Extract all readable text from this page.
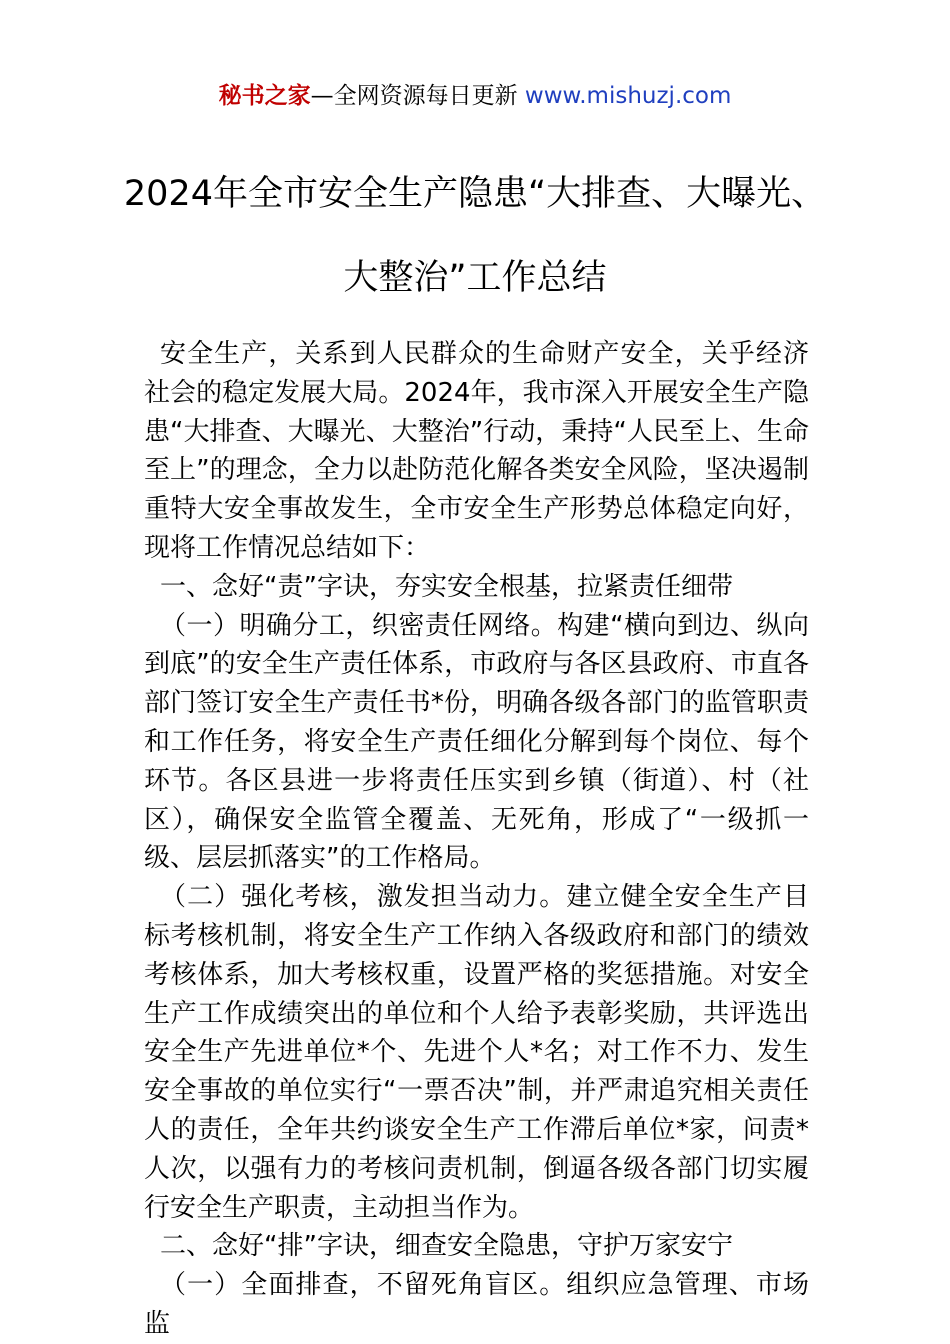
秘书之家—全网资源每日更新 www.mishuzj.com
2024年全市安全生产隐患“大排查、大曝光、大整治”工作总结

安全生产，关系到人民群众的生命财产安全，关乎经济社会的稳定发展大局。2024年，我市深入开展安全生产隐患“大排查、大曝光、大整治”行动，秉持“人民至上、生命至上”的理念，全力以赴防范化解各类安全风险，坚决遏制重特大安全事故发生，全市安全生产形势总体稳定向好，现将工作情况总结如下：

一、念好“责”字诀，夯实安全根基，拉紧责任细带

（一）明确分工，织密责任网络。构建“横向到边、纵向到底”的安全生产责任体系，市政府与各区县政府、市直各部门签订安全生产责任书*份，明确各级各部门的监管职责和工作任务，将安全生产责任细化分解到每个岗位、每个环节。各区县进一步将责任压实到乡镇（街道）、村（社区），确保安全监管全覆盖、无死角，形成了“一级抓一级、层层抓落实”的工作格局。

（二）强化考核，激发担当动力。建立健全安全生产目标考核机制，将安全生产工作纳入各级政府和部门的绩效考核体系，加大考核权重，设置严格的奖惩措施。对安全生产工作成绩突出的单位和个人给予表彰奖励，共评选出安全生产先进单位*个、先进个人*名；对工作不力、发生安全事故的单位实行“一票否决”制，并严肃追究相关责任人的责任，全年共约谈安全生产工作滞后单位*家，问责*人次，以强有力的考核问责机制，倒逼各级各部门切实履行安全生产职责，主动担当作为。

二、念好“排”字诀，细查安全隐患，守护万家安宁

（一）全面排查，不留死角盲区。组织应急管理、市场监
